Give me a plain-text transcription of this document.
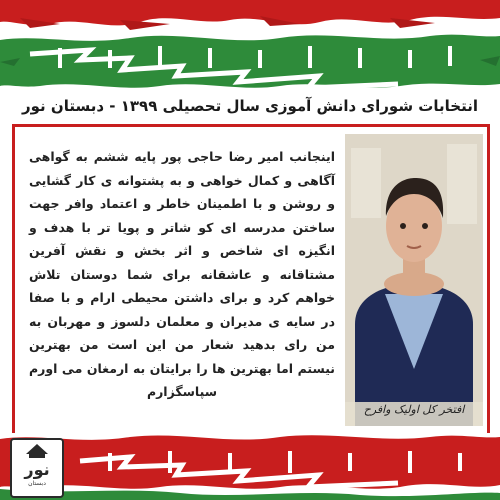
انتخابات شورای دانش آموزی سال تحصیلی ۱۳۹۹ - دبستان نور
اینجانب امیر رضا حاجی پور پایه ششم به گواهی آگاهی و کمال خواهی و به پشتوانه ی کار گشایی و روشن و با اطمینان خاطر و اعتماد وافر جهت ساختن مدرسه ای کو شاتر و پویا تر با هدف و انگیزه ای شاخص و اثر بخش و نقش آفرین مشتاقانه و عاشقانه برای شما دوستان تلاش خواهم کرد و برای داشتن محیطی ارام و با صفا در سایه ی مدیران و معلمان دلسوز و مهربان به من رای بدهید شعار من این است من بهترین نیستم اما بهترین ها را برایتان به ارمغان می اورم سپاسگزارم
افتخر کل اولیک وافرح
دبستان
نور
